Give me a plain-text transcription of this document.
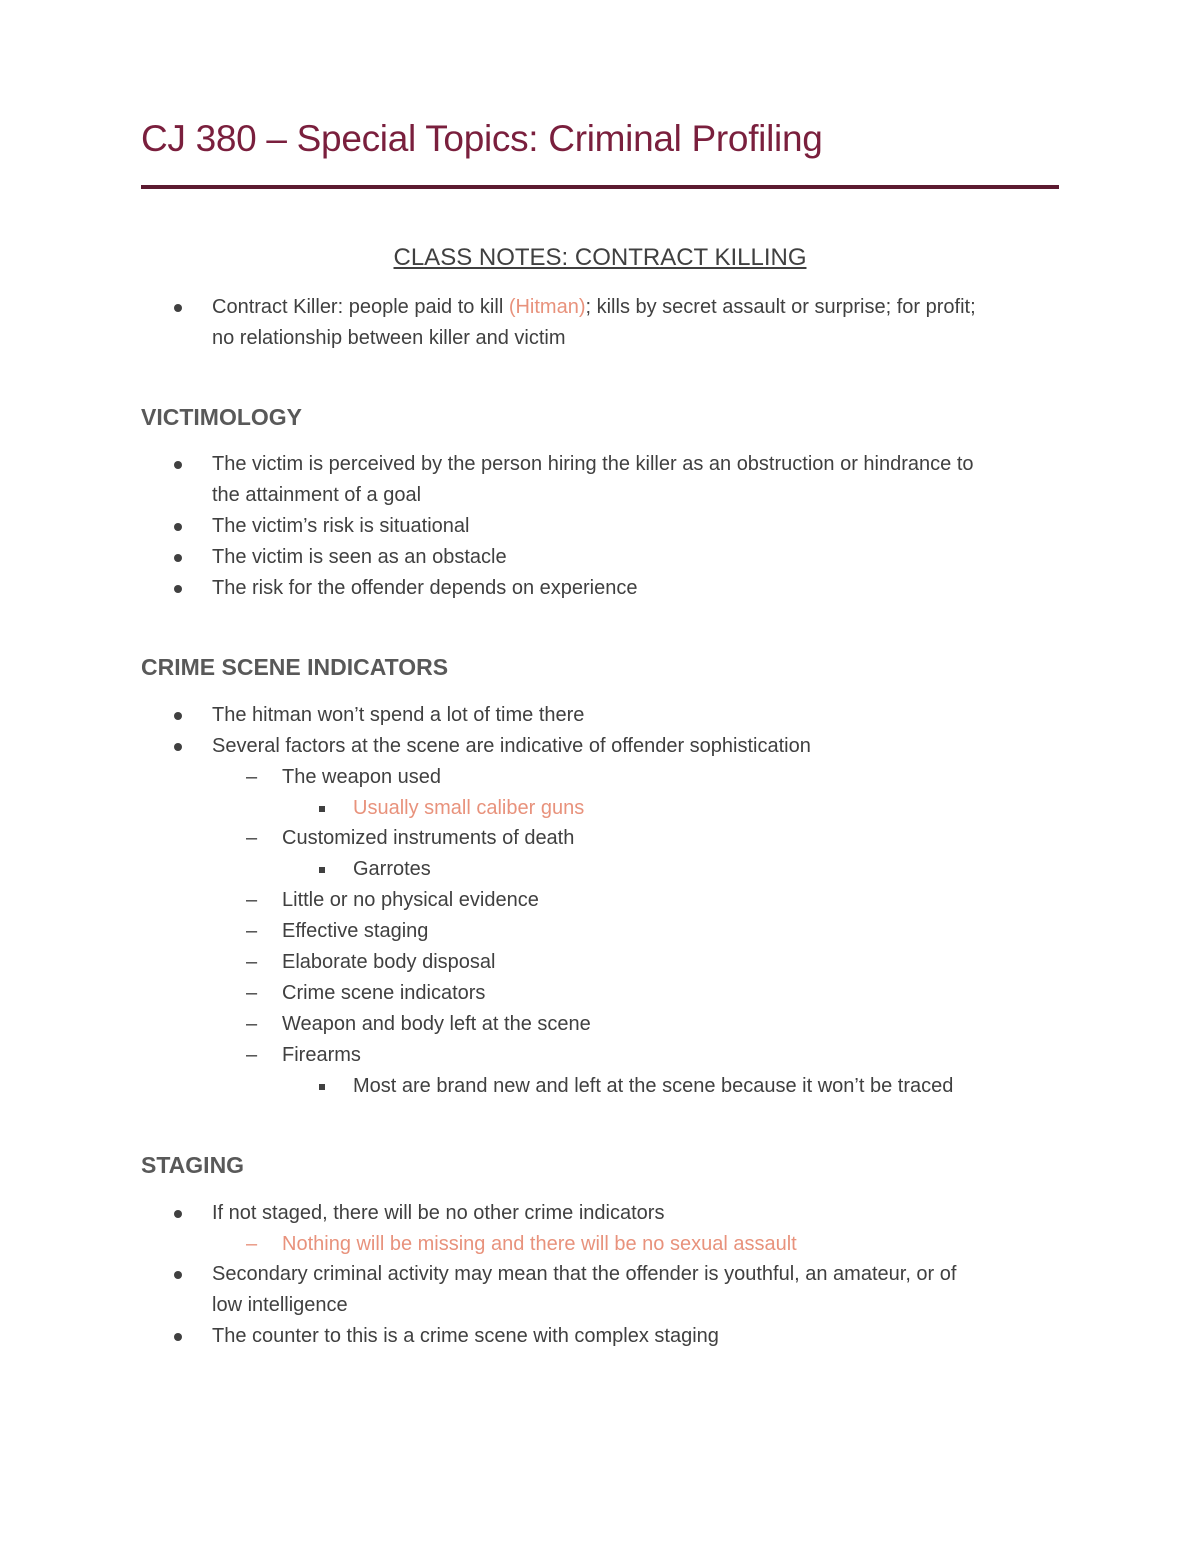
CJ 380 – Special Topics: Criminal Profiling
CLASS NOTES: CONTRACT KILLING
Contract Killer: people paid to kill (Hitman); kills by secret assault or surprise; for profit;
no relationship between killer and victim
VICTIMOLOGY
The victim is perceived by the person hiring the killer as an obstruction or hindrance to
the attainment of a goal
The victim’s risk is situational
The victim is seen as an obstacle
The risk for the offender depends on experience
CRIME SCENE INDICATORS
The hitman won’t spend a lot of time there
Several factors at the scene are indicative of offender sophistication
– The weapon used
Usually small caliber guns
– Customized instruments of death
Garrotes
– Little or no physical evidence
– Effective staging
– Elaborate body disposal
– Crime scene indicators
– Weapon and body left at the scene
– Firearms
Most are brand new and left at the scene because it won’t be traced
STAGING
If not staged, there will be no other crime indicators
– Nothing will be missing and there will be no sexual assault
Secondary criminal activity may mean that the offender is youthful, an amateur, or of
low intelligence
The counter to this is a crime scene with complex staging
